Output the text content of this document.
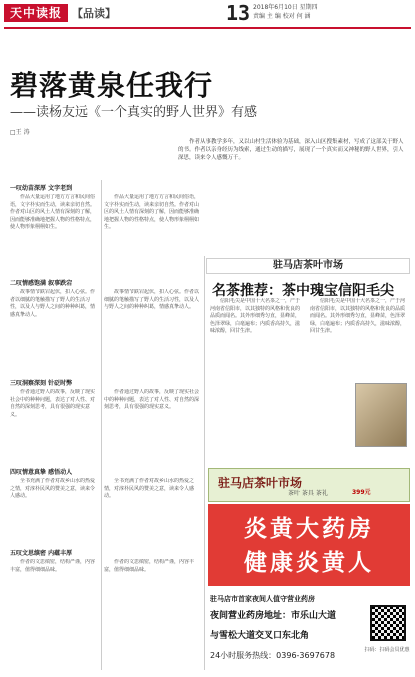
天中读报 【品读】	13 2018年6月10日 星期四
责编 主 编 校对 何 涵
碧落黄泉任我行
——读杨友远《一个真实的野人世界》有感
□王 涛
作者从事教学多年，又以山村生活体验为基础，深入山区搜集素材，写成了这部关于野人的书。作者以亲身经历为线索，通过生动的描写，展现了一个真实而又神秘的野人世界，引人深思，读来令人感慨万千。
一叹幼苗深厚 文字老到
作品大量运用了地方方言和民间俗语，文字朴实而生动，读来亲切自然。作者对山区的风土人情有深刻的了解，因而能够准确地把握人物的性格特点，使人物形象栩栩如生。
作品大量运用了地方方言和民间俗语，文字朴实而生动，读来亲切自然。作者对山区的风土人情有深刻的了解，因而能够准确地把握人物的性格特点，使人物形象栩栩如生。
二叹情感饱满 叙事跌宕
故事情节跌宕起伏，扣人心弦。作者以细腻的笔触描写了野人的生活习性，以及人与野人之间的种种纠葛，情感真挚动人。
故事情节跌宕起伏，扣人心弦。作者以细腻的笔触描写了野人的生活习性，以及人与野人之间的种种纠葛，情感真挚动人。
三叹洞察深刻 针砭时弊
作者通过野人的故事，反映了现实社会中的种种问题，表达了对人性、对自然的深刻思考，具有很强的现实意义。
作者通过野人的故事，反映了现实社会中的种种问题，表达了对人性、对自然的深刻思考，具有很强的现实意义。
四叹情意真挚 感悟动人
全书充满了作者对故乡山水的热爱之情，对淳朴民风的赞美之意，读来令人感动。
全书充满了作者对故乡山水的热爱之情，对淳朴民风的赞美之意，读来令人感动。
五叹文思缜密 内蕴丰厚
作者的文思缜密，结构严谨，内容丰富，值得细细品味。
作者的文思缜密，结构严谨，内容丰富，值得细细品味。
驻马店茶叶市场
名茶推荐：茶中瑰宝信阳毛尖
信阳毛尖是中国十大名茶之一，产于河南省信阳市，以其独特的风格和优良的品质而闻名。其外形细秀匀直，显峰苗，色泽翠绿，白毫遍布；内质香高持久，滋味浓醇，回甘生津。
信阳毛尖是中国十大名茶之一，产于河南省信阳市，以其独特的风格和优良的品质而闻名。其外形细秀匀直，显峰苗，色泽翠绿，白毫遍布；内质香高持久，滋味浓醇，回甘生津。
驻马店茶叶市场
茶叶 茶具 茶礼	399元
炎黄大药房
健康炎黄人
驻马店市首家夜间人值守营业药房
夜间营业药房地址：市乐山大道
与雪松大道交叉口东北角
24小时服务热线：0396-3697678
扫码：扫码会员优惠
